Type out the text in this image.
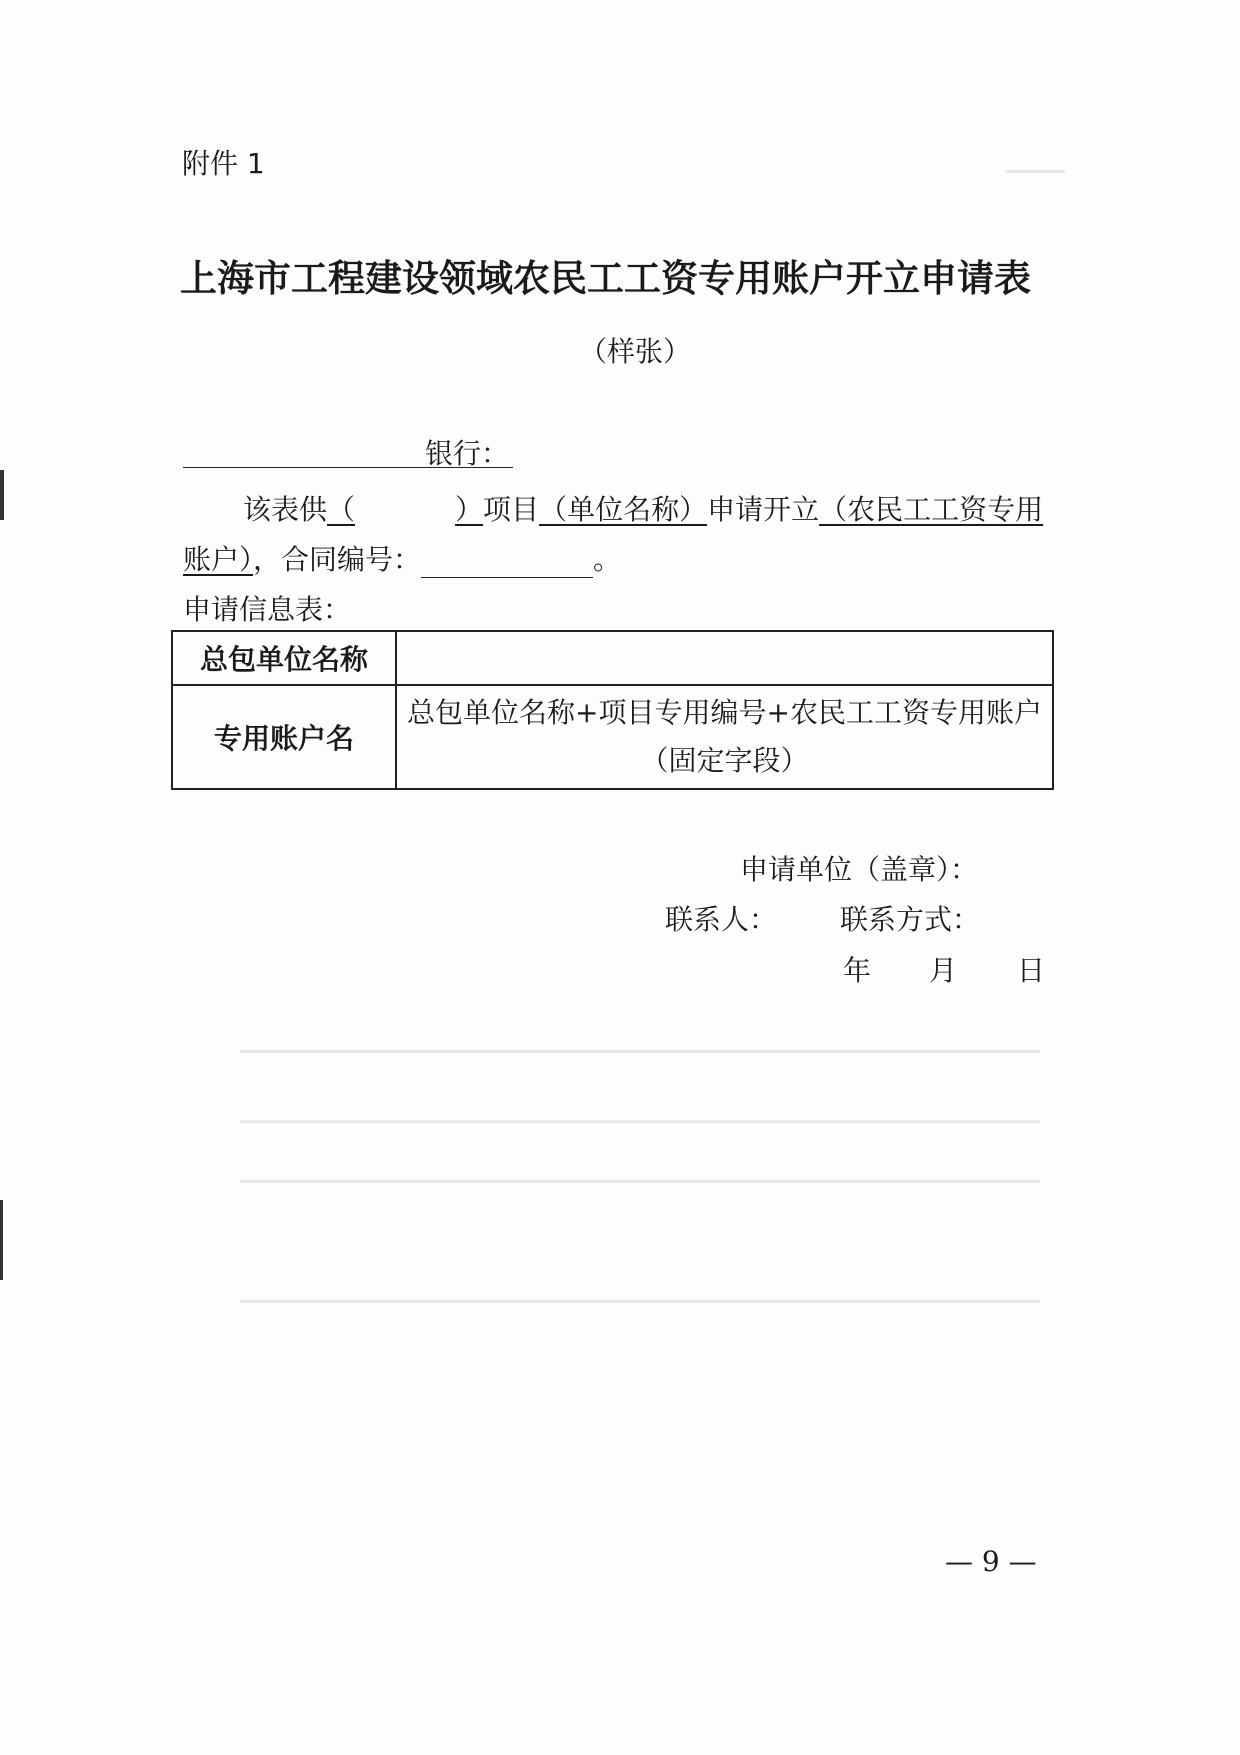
附件 1
上海市工程建设领域农民工工资专用账户开立申请表
（样张）
银行：
该表供（	）项目（单位名称）申请开立（农民工工资专用
账户），合同编号：	。
申请信息表：
总包单位名称	
专用账户名	总包单位名称+项目专用编号+农民工工资专用账户
（固定字段）
申请单位（盖章）：
联系人： 联系方式：
年 月 日
— 9 —
